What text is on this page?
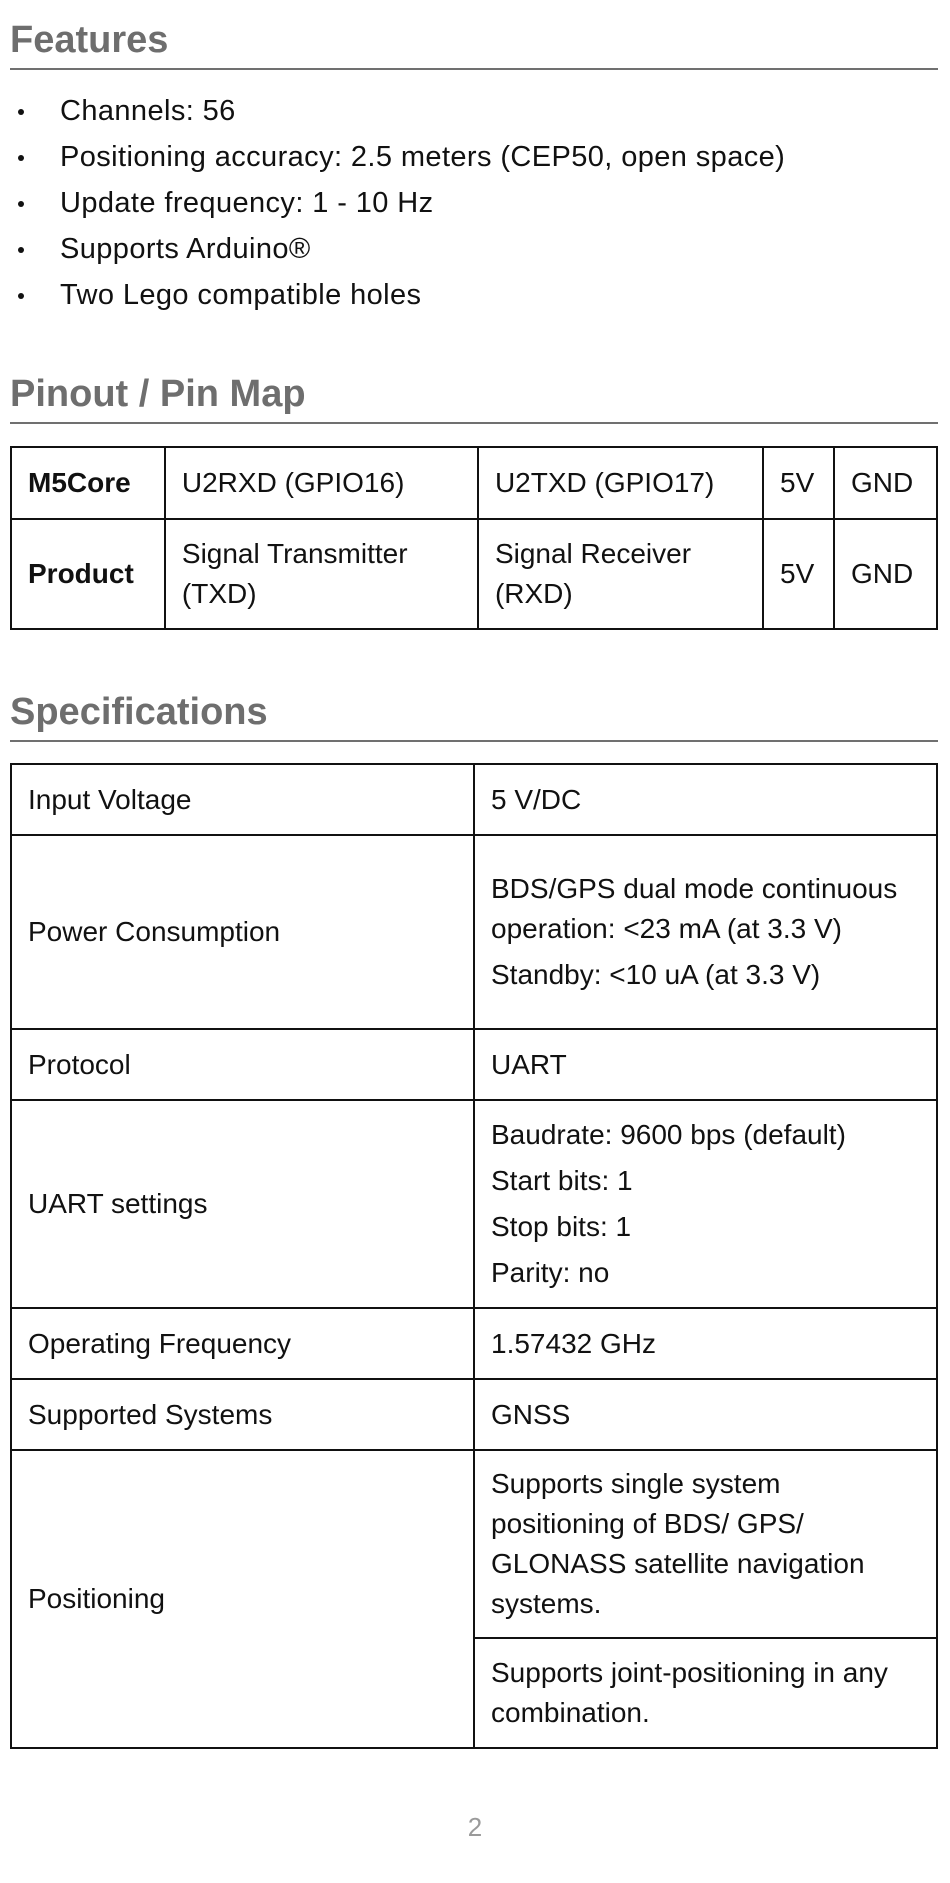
Features
Channels: 56
Positioning accuracy: 2.5 meters (CEP50, open space)
Update frequency: 1 - 10 Hz
Supports Arduino®
Two Lego compatible holes
Pinout / Pin Map
M5Core	U2RXD (GPIO16)	U2TXD (GPIO17)	5V	GND
Product	Signal Transmitter (TXD)	Signal Receiver (RXD)	5V	GND
Specifications
Input Voltage	5 V/DC

Power Consumption	BDS/GPS dual mode continuous operation: <23 mA (at 3.3 V)
Standby: <10 uA (at 3.3 V)

Protocol	UART

UART settings	Baudrate: 9600 bps (default)
Start bits: 1
Stop bits: 1
Parity: no

Operating Frequency	1.57432 GHz

Supported Systems	GNSS

Positioning	Supports single system positioning of BDS/ GPS/ GLONASS satellite navigation systems.

	Supports joint-positioning in any combination.
2
